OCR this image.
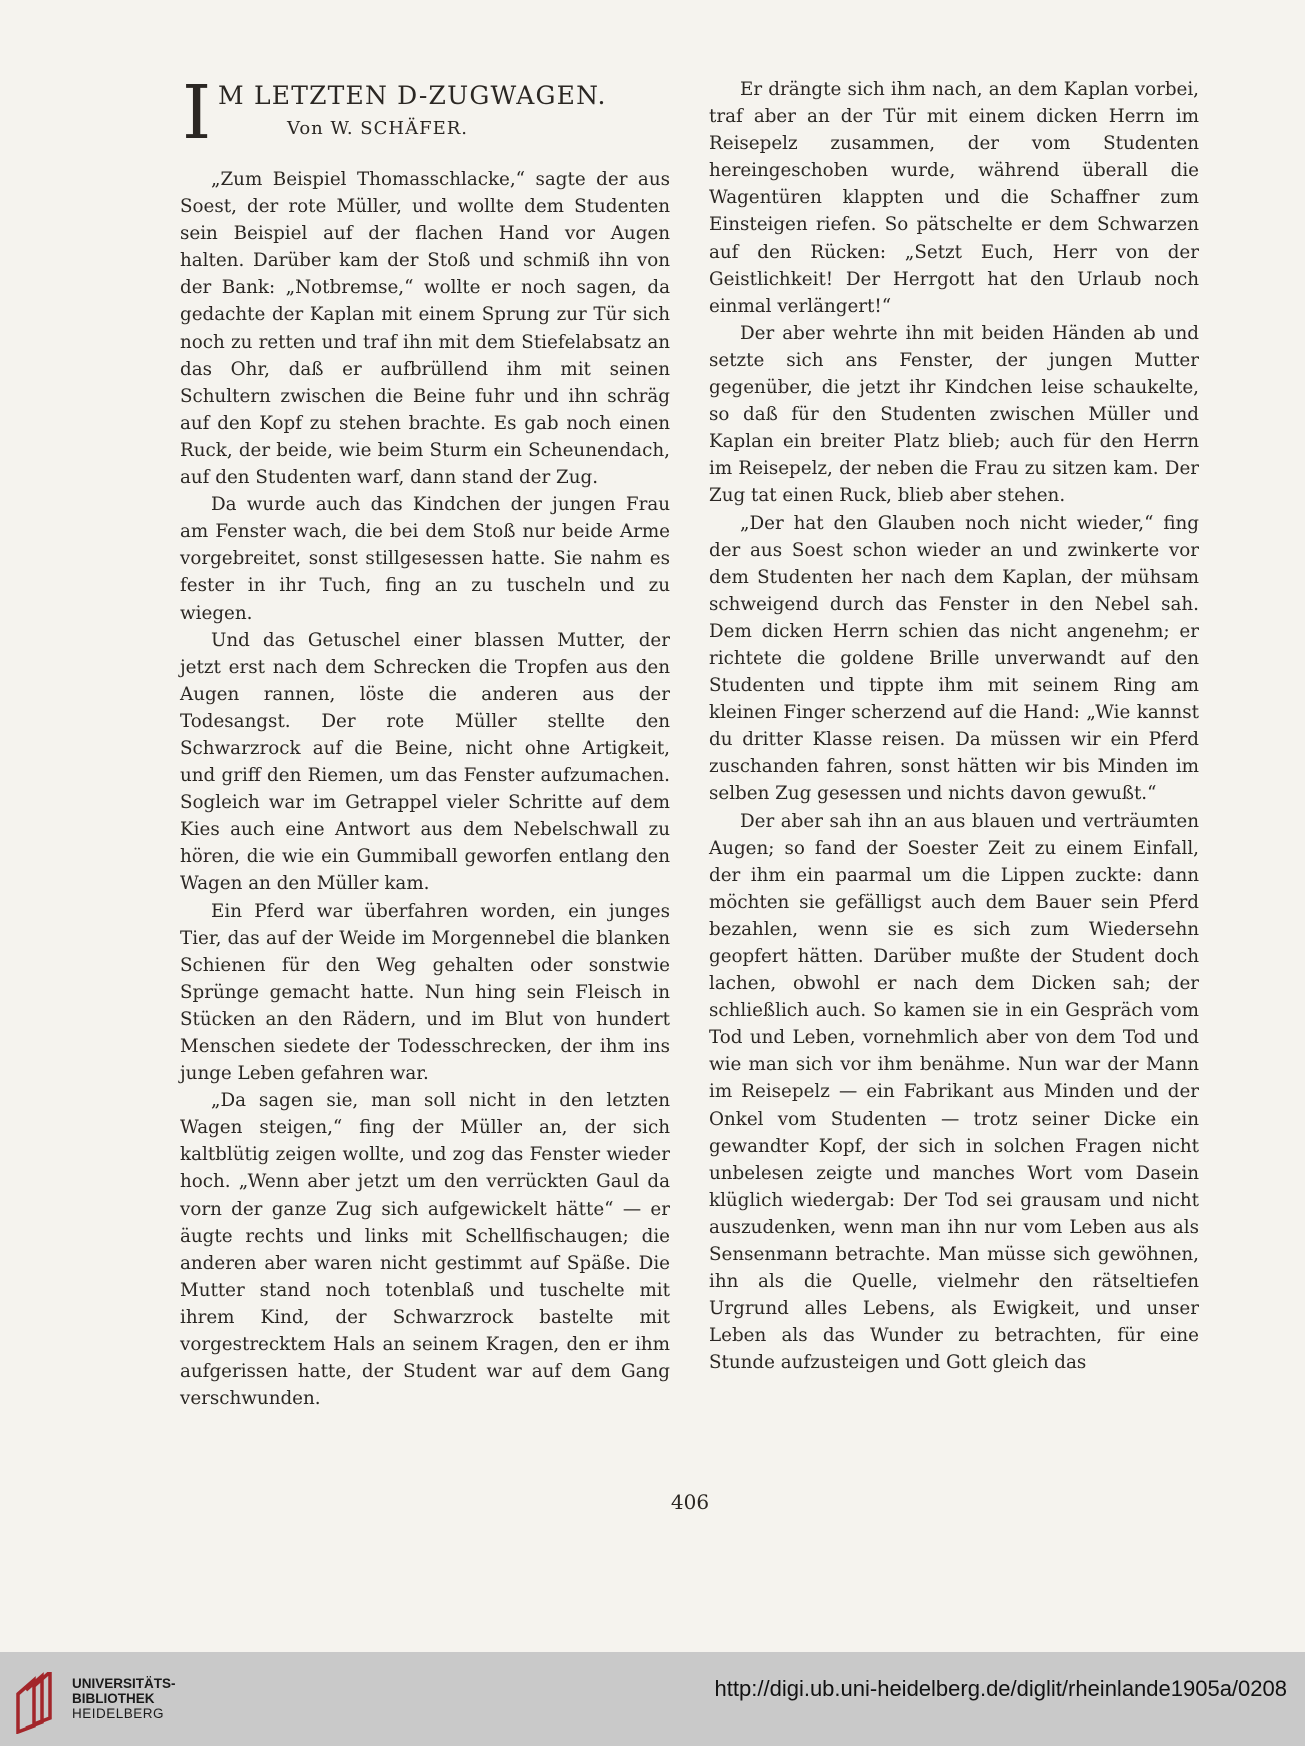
I M LETZTEN D-ZUGWAGEN.
Von W. SCHÄFER.

„Zum Beispiel Thomasschlacke,“ sagte der aus Soest, der rote Müller, und wollte dem Studenten sein Beispiel auf der flachen Hand vor Augen halten. Darüber kam der Stoß und schmiß ihn von der Bank: „Notbremse,“ wollte er noch sagen, da gedachte der Kaplan mit einem Sprung zur Tür sich noch zu retten und traf ihn mit dem Stiefelabsatz an das Ohr, daß er aufbrüllend ihm mit seinen Schultern zwischen die Beine fuhr und ihn schräg auf den Kopf zu stehen brachte. Es gab noch einen Ruck, der beide, wie beim Sturm ein Scheunendach, auf den Studenten warf, dann stand der Zug.

Da wurde auch das Kindchen der jungen Frau am Fenster wach, die bei dem Stoß nur beide Arme vorgebreitet, sonst stillgesessen hatte. Sie nahm es fester in ihr Tuch, fing an zu tuscheln und zu wiegen.

Und das Getuschel einer blassen Mutter, der jetzt erst nach dem Schrecken die Tropfen aus den Augen rannen, löste die anderen aus der Todesangst. Der rote Müller stellte den Schwarzrock auf die Beine, nicht ohne Artigkeit, und griff den Riemen, um das Fenster aufzumachen. Sogleich war im Getrappel vieler Schritte auf dem Kies auch eine Antwort aus dem Nebelschwall zu hören, die wie ein Gummiball geworfen entlang den Wagen an den Müller kam.

Ein Pferd war überfahren worden, ein junges Tier, das auf der Weide im Morgennebel die blanken Schienen für den Weg gehalten oder sonstwie Sprünge gemacht hatte. Nun hing sein Fleisch in Stücken an den Rädern, und im Blut von hundert Menschen siedete der Todesschrecken, der ihm ins junge Leben gefahren war.

„Da sagen sie, man soll nicht in den letzten Wagen steigen,“ fing der Müller an, der sich kaltblütig zeigen wollte, und zog das Fenster wieder hoch. „Wenn aber jetzt um den verrückten Gaul da vorn der ganze Zug sich aufgewickelt hätte“ — er äugte rechts und links mit Schellfischaugen; die anderen aber waren nicht gestimmt auf Späße. Die Mutter stand noch totenblaß und tuschelte mit ihrem Kind, der Schwarzrock bastelte mit vorgestrecktem Hals an seinem Kragen, den er ihm aufgerissen hatte, der Student war auf dem Gang verschwunden.

Er drängte sich ihm nach, an dem Kaplan vorbei, traf aber an der Tür mit einem dicken Herrn im Reisepelz zusammen, der vom Studenten hereingeschoben wurde, während überall die Wagentüren klappten und die Schaffner zum Einsteigen riefen. So pätschelte er dem Schwarzen auf den Rücken: „Setzt Euch, Herr von der Geistlichkeit! Der Herrgott hat den Urlaub noch einmal verlängert!“

Der aber wehrte ihn mit beiden Händen ab und setzte sich ans Fenster, der jungen Mutter gegenüber, die jetzt ihr Kindchen leise schaukelte, so daß für den Studenten zwischen Müller und Kaplan ein breiter Platz blieb; auch für den Herrn im Reisepelz, der neben die Frau zu sitzen kam. Der Zug tat einen Ruck, blieb aber stehen.

„Der hat den Glauben noch nicht wieder,“ fing der aus Soest schon wieder an und zwinkerte vor dem Studenten her nach dem Kaplan, der mühsam schweigend durch das Fenster in den Nebel sah. Dem dicken Herrn schien das nicht angenehm; er richtete die goldene Brille unverwandt auf den Studenten und tippte ihm mit seinem Ring am kleinen Finger scherzend auf die Hand: „Wie kannst du dritter Klasse reisen. Da müssen wir ein Pferd zuschanden fahren, sonst hätten wir bis Minden im selben Zug gesessen und nichts davon gewußt.“

Der aber sah ihn an aus blauen und verträumten Augen; so fand der Soester Zeit zu einem Einfall, der ihm ein paarmal um die Lippen zuckte: dann möchten sie gefälligst auch dem Bauer sein Pferd bezahlen, wenn sie es sich zum Wiedersehn geopfert hätten. Darüber mußte der Student doch lachen, obwohl er nach dem Dicken sah; der schließlich auch. So kamen sie in ein Gespräch vom Tod und Leben, vornehmlich aber von dem Tod und wie man sich vor ihm benähme. Nun war der Mann im Reisepelz — ein Fabrikant aus Minden und der Onkel vom Studenten — trotz seiner Dicke ein gewandter Kopf, der sich in solchen Fragen nicht unbelesen zeigte und manches Wort vom Dasein klüglich wiedergab: Der Tod sei grausam und nicht auszudenken, wenn man ihn nur vom Leben aus als Sensenmann betrachte. Man müsse sich gewöhnen, ihn als die Quelle, vielmehr den rätseltiefen Urgrund alles Lebens, als Ewigkeit, und unser Leben als das Wunder zu betrachten, für eine Stunde aufzusteigen und Gott gleich das

406
UNIVERSITÄTS-
BIBLIOTHEK
HEIDELBERG
http://digi.ub.uni-heidelberg.de/diglit/rheinlande1905a/0208
